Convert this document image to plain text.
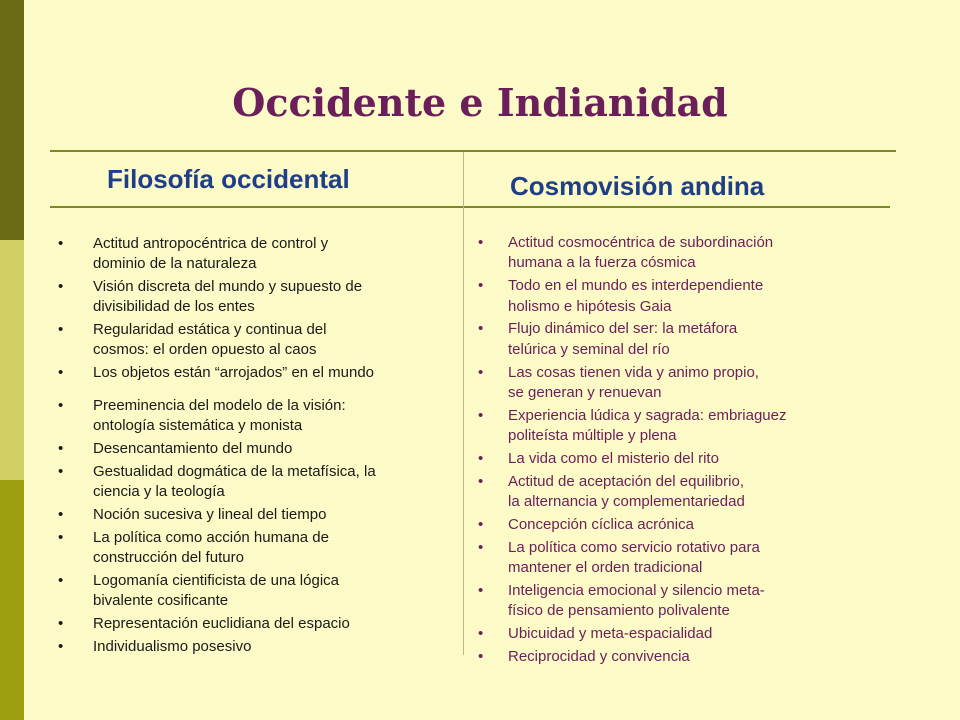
Occidente e Indianidad
Filosofía occidental	Cosmovisión andina
• Actitud antropocéntrica de control y
dominio de la naturaleza
• Visión discreta del mundo y supuesto de
divisibilidad de los entes
• Regularidad estática y continua del
cosmos: el orden opuesto al caos
• Los objetos están “arrojados” en el mundo
• Preeminencia del modelo de la visión:
ontología sistemática y monista
• Desencantamiento del mundo
• Gestualidad dogmática de la metafísica, la
ciencia y la teología
• Noción sucesiva y lineal del tiempo
• La política como acción humana de
construcción del futuro
• Logomanía cientificista de una lógica
bivalente cosificante
• Representación euclidiana del espacio
• Individualismo posesivo
• Actitud cosmocéntrica de subordinación
humana a la fuerza cósmica
• Todo en el mundo es interdependiente
holismo e hipótesis Gaia
• Flujo dinámico del ser: la metáfora
telúrica y seminal del río
• Las cosas tienen vida y animo propio,
se generan y renuevan
• Experiencia lúdica y sagrada: embriaguez
politeísta múltiple y plena
• La vida como el misterio del rito
• Actitud de aceptación del equilibrio,
la alternancia y complementariedad
• Concepción cíclica acrónica
• La política como servicio rotativo para
mantener el orden tradicional
• Inteligencia emocional y silencio meta-
físico de pensamiento polivalente
• Ubicuidad y meta-espacialidad
• Reciprocidad y convivencia
